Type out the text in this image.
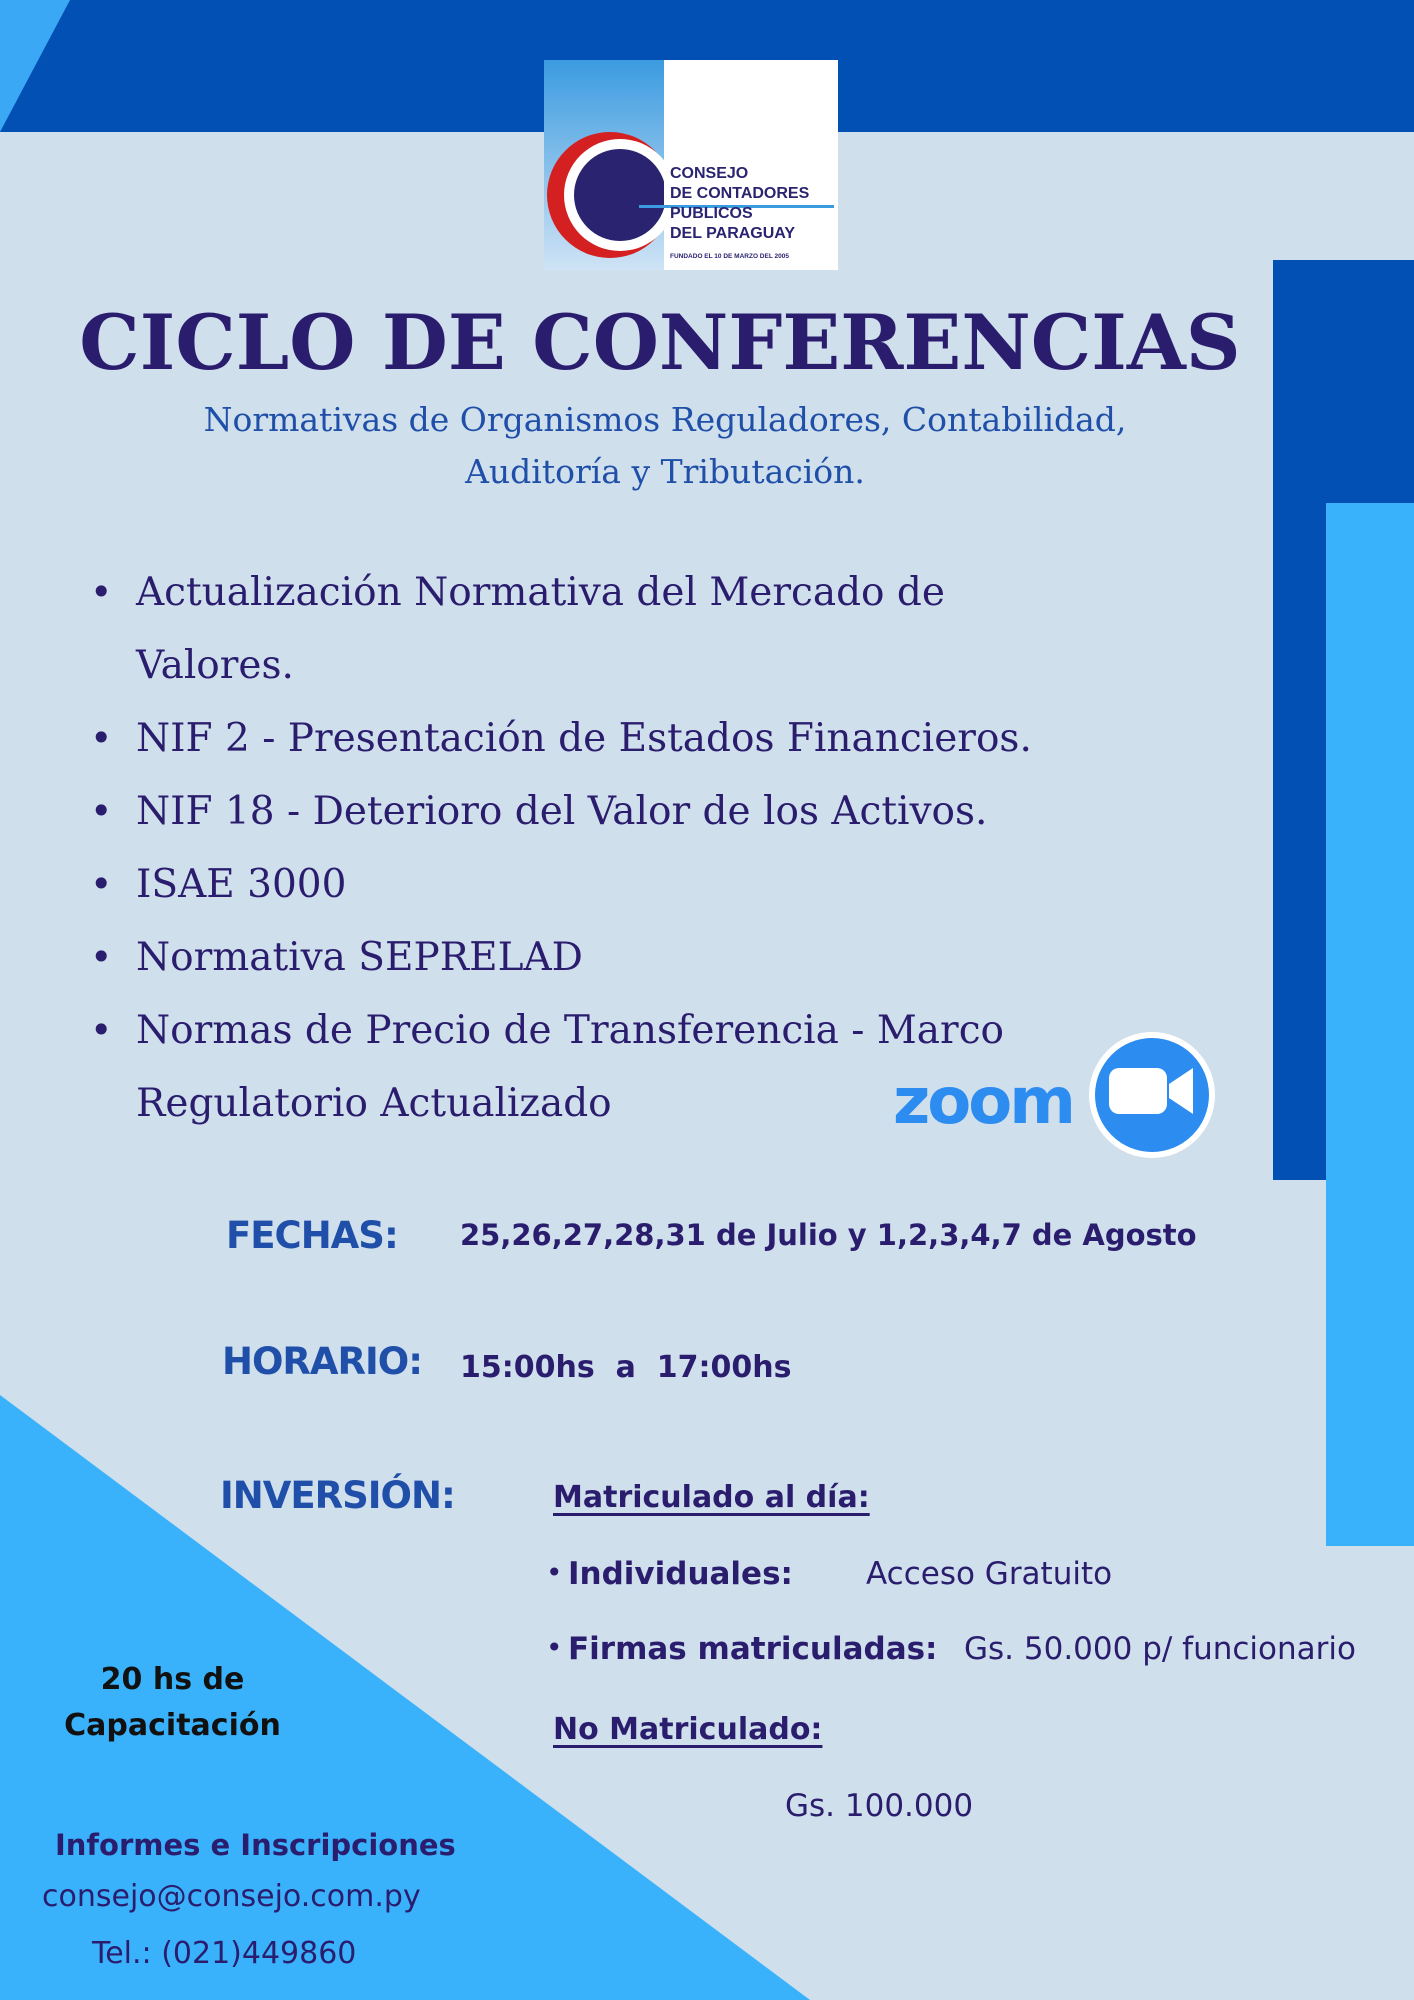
CONSEJO
DE CONTADORES
PUBLICOS
DEL PARAGUAY
FUNDADO EL 10 DE MARZO DEL 2005
CICLO DE CONFERENCIAS
Normativas de Organismos Reguladores, Contabilidad,
Auditoría y Tributación.
• Actualización Normativa del Mercado de Valores.
• NIF 2 - Presentación de Estados Financieros.
• NIF 18 - Deterioro del Valor de los Activos.
• ISAE 3000
• Normativa SEPRELAD
• Normas de Precio de Transferencia - Marco Regulatorio Actualizado	zoom
FECHAS: 25,26,27,28,31 de Julio y 1,2,3,4,7 de Agosto
HORARIO: 15:00hs  a  17:00hs
INVERSIÓN:	Matriculado al día:
• Individuales: Acceso Gratuito
• Firmas matriculadas: Gs. 50.000 p/ funcionario
No Matriculado:
Gs. 100.000
20 hs de
Capacitación
Informes e Inscripciones
consejo@consejo.com.py
Tel.: (021)449860
